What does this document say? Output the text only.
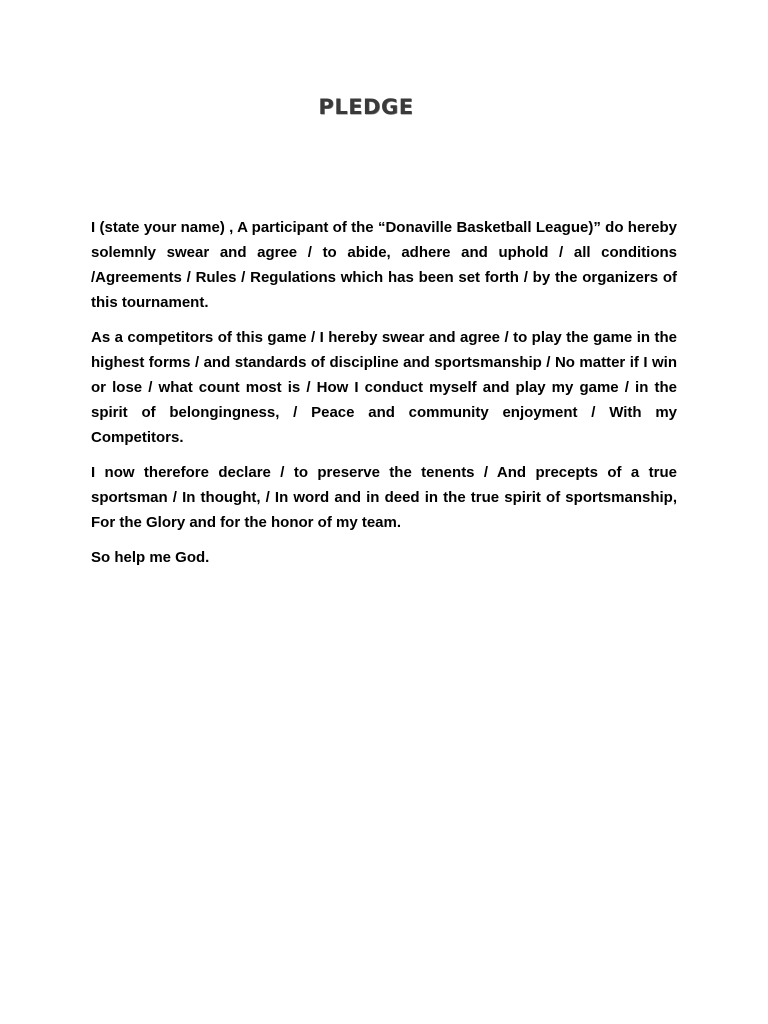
PLEDGE

I (state your name) , A participant of the “Donaville Basketball League)” do hereby solemnly swear and agree / to abide, adhere and uphold / all conditions /Agreements / Rules / Regulations which has been set forth / by the organizers of this tournament.

As a competitors of this game / I hereby swear and agree / to play the game in the highest forms / and standards of discipline and sportsmanship / No matter if I win or lose / what count most is / How I conduct myself and play my game / in the spirit of belongingness, / Peace and community enjoyment / With my Competitors.

I now therefore declare / to preserve the tenents / And precepts of a true sportsman / In thought, / In word and in deed in the true spirit of sportsmanship, For the Glory and for the honor of my team.

So help me God.
